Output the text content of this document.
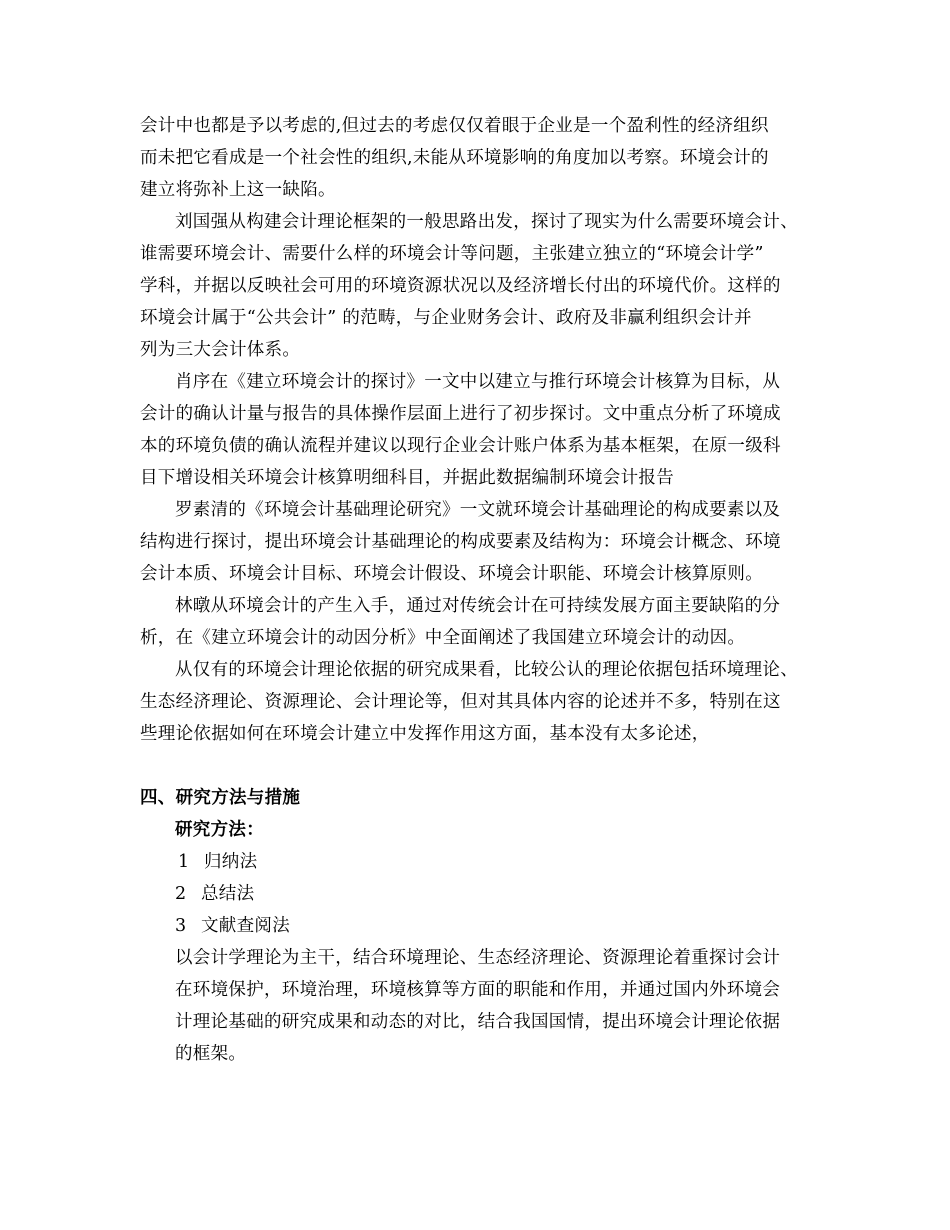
会计中也都是予以考虑的,但过去的考虑仅仅着眼于企业是一个盈利性的经济组织
而未把它看成是一个社会性的组织,未能从环境影响的角度加以考察。环境会计的
建立将弥补上这一缺陷。
刘国强从构建会计理论框架的一般思路出发，探讨了现实为什么需要环境会计、
谁需要环境会计、需要什么样的环境会计等问题，主张建立独立的“环境会计学”
学科，并据以反映社会可用的环境资源状况以及经济增长付出的环境代价。这样的
环境会计属于“公共会计” 的范畴，与企业财务会计、政府及非赢利组织会计并
列为三大会计体系。
肖序在《建立环境会计的探讨》一文中以建立与推行环境会计核算为目标，从
会计的确认计量与报告的具体操作层面上进行了初步探讨。文中重点分析了环境成
本的环境负债的确认流程并建议以现行企业会计账户体系为基本框架，在原一级科
目下增设相关环境会计核算明细科目，并据此数据编制环境会计报告
罗素清的《环境会计基础理论研究》一文就环境会计基础理论的构成要素以及
结构进行探讨，提出环境会计基础理论的构成要素及结构为：环境会计概念、环境
会计本质、环境会计目标、环境会计假设、环境会计职能、环境会计核算原则。
林暾从环境会计的产生入手，通过对传统会计在可持续发展方面主要缺陷的分
析，在《建立环境会计的动因分析》中全面阐述了我国建立环境会计的动因。
从仅有的环境会计理论依据的研究成果看，比较公认的理论依据包括环境理论、
生态经济理论、资源理论、会计理论等，但对其具体内容的论述并不多，特别在这
些理论依据如何在环境会计建立中发挥作用这方面，基本没有太多论述，
四、研究方法与措施
研究方法：
1 归纳法
2 总结法
3 文献查阅法
以会计学理论为主干，结合环境理论、生态经济理论、资源理论着重探讨会计
在环境保护，环境治理，环境核算等方面的职能和作用，并通过国内外环境会
计理论基础的研究成果和动态的对比，结合我国国情，提出环境会计理论依据
的框架。
